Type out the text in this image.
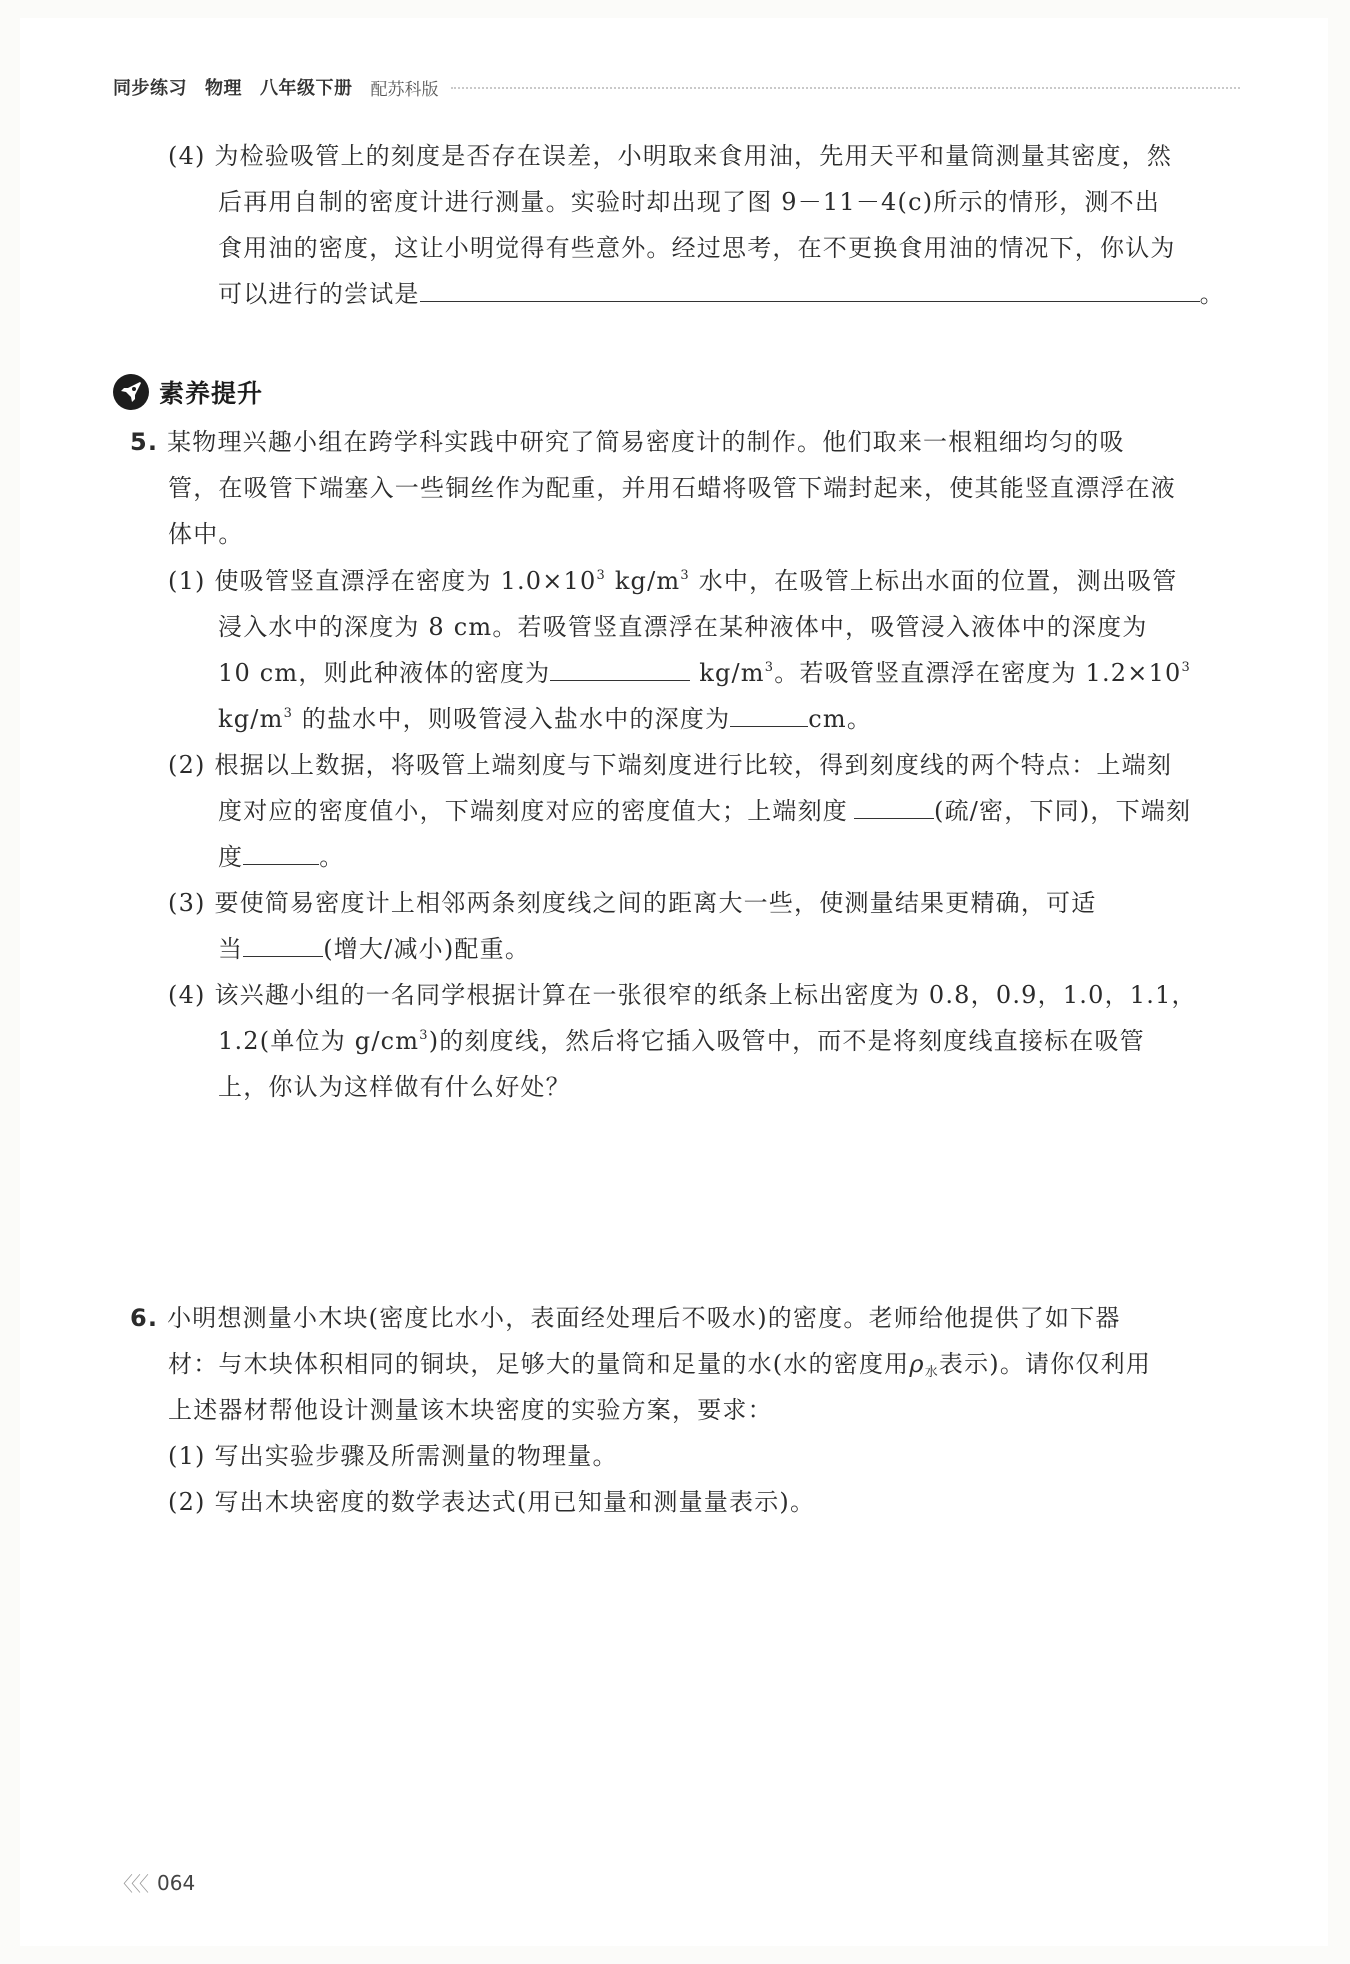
同步练习 物理 八年级下册 配苏科版
(4) 为检验吸管上的刻度是否存在误差，小明取来食用油，先用天平和量筒测量其密度，然
后再用自制的密度计进行测量。实验时却出现了图 9－11－4(c)所示的情形，测不出
食用油的密度，这让小明觉得有些意外。经过思考，在不更换食用油的情况下，你认为
可以进行的尝试是	。
素养提升
5. 某物理兴趣小组在跨学科实践中研究了简易密度计的制作。他们取来一根粗细均匀的吸
管，在吸管下端塞入一些铜丝作为配重，并用石蜡将吸管下端封起来，使其能竖直漂浮在液
体中。
(1) 使吸管竖直漂浮在密度为 $1.0\times 10^3$ $kg/m^3$ 水中，在吸管上标出水面的位置，测出吸管
浸入水中的深度为 8 cm。若吸管竖直漂浮在某种液体中，吸管浸入液体中的深度为
10 cm，则此种液体的密度为	$kg/m^3$。若吸管竖直漂浮在密度为 $1.2\times 10^3$
$kg/m^3$ 的盐水中，则吸管浸入盐水中的深度为	cm。
(2) 根据以上数据，将吸管上端刻度与下端刻度进行比较，得到刻度线的两个特点：上端刻
度对应的密度值小，下端刻度对应的密度值大；上端刻度	(疏/密，下同)，下端刻
度	。
(3) 要使简易密度计上相邻两条刻度线之间的距离大一些，使测量结果更精确，可适
当	(增大/减小)配重。
(4) 该兴趣小组的一名同学根据计算在一张很窄的纸条上标出密度为 0.8，0.9，1.0，1.1，
1.2(单位为 $g/cm^3$)的刻度线，然后将它插入吸管中，而不是将刻度线直接标在吸管
上，你认为这样做有什么好处？
6. 小明想测量小木块(密度比水小，表面经处理后不吸水)的密度。老师给他提供了如下器
材：与木块体积相同的铜块，足够大的量筒和足量的水(水的密度用$\rho_水$表示)。请你仅利用
上述器材帮他设计测量该木块密度的实验方案，要求：
(1) 写出实验步骤及所需测量的物理量。
(2) 写出木块密度的数学表达式(用已知量和测量量表示)。
〈〈〈 064
